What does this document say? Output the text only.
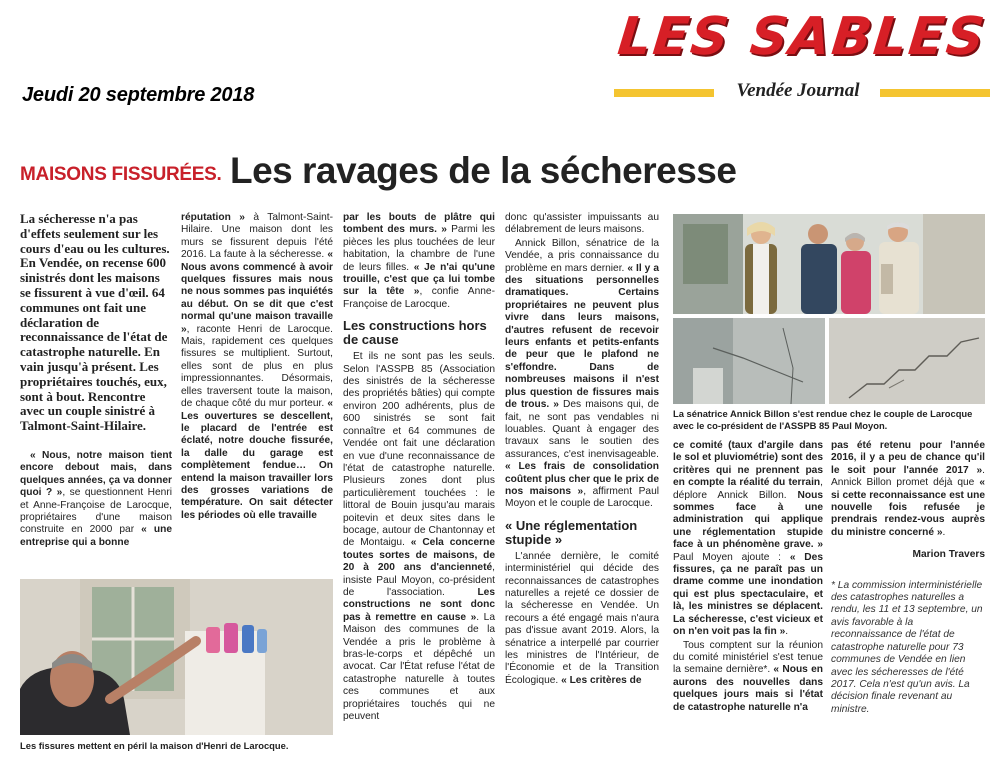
Jeudi 20 septembre 2018
LES SABLES
Vendée Journal
MAISONS FISSURÉES. Les ravages de la sécheresse

La sécheresse n'a pas d'effets seulement sur les cours d'eau ou les cultures. En Vendée, on recense 600 sinistrés dont les maisons se fissurent à vue d'œil. 64 communes ont fait une déclaration de reconnaissance de l'état de catastrophe naturelle. En vain jusqu'à présent. Les propriétaires touchés, eux, sont à bout. Rencontre avec un couple sinistré à Talmont-Saint-Hilaire.

« Nous, notre maison tient encore debout mais, dans quelques années, ça va donner quoi ? », se questionnent Henri et Anne-Françoise de Larocque, propriétaires d'une maison construite en 2000 par « une entreprise qui a bonne

réputation » à Talmont-Saint-Hilaire. Une maison dont les murs se fissurent depuis l'été 2016. La faute à la sécheresse. « Nous avons commencé à avoir quelques fissures mais nous ne nous sommes pas inquiétés au début. On se dit que c'est normal qu'une maison travaille », raconte Henri de Larocque. Mais, rapidement ces quelques fissures se multiplient. Surtout, elles sont de plus en plus impressionnantes. Désormais, elles traversent toute la maison, de chaque côté du mur porteur. « Les ouvertures se descellent, le placard de l'entrée est éclaté, notre douche fissurée, la dalle du garage est complètement fendue… On entend la maison travailler lors des grosses variations de température. On sait détecter les périodes où elle travaille

par les bouts de plâtre qui tombent des murs. » Parmi les pièces les plus touchées de leur habitation, la chambre de l'une de leurs filles. « Je n'ai qu'une trouille, c'est que ça lui tombe sur la tête », confie Anne-Françoise de Larocque.

Les constructions hors de cause

Et ils ne sont pas les seuls. Selon l'ASSPB 85 (Association des sinistrés de la sécheresse des propriétés bâties) qui compte environ 200 adhérents, plus de 600 sinistrés se sont fait connaître et 64 communes de Vendée ont fait une déclaration en vue d'une reconnaissance de l'état de catastrophe naturelle. Plusieurs zones dont plus particulièrement touchées : le littoral de Bouin jusqu'au marais poitevin et deux sites dans le bocage, autour de Chantonnay et de Montaigu. « Cela concerne toutes sortes de maisons, de 20 à 200 ans d'ancienneté, insiste Paul Moyon, co-président de l'association. Les constructions ne sont donc pas à remettre en cause ». La Maison des communes de la Vendée a pris le problème à bras-le-corps et dépêché un avocat. Car l'État refuse l'état de catastrophe naturelle à toutes ces communes et aux propriétaires touchés qui ne peuvent

donc qu'assister impuissants au délabrement de leurs maisons.

Annick Billon, sénatrice de la Vendée, a pris connaissance du problème en mars dernier. « Il y a des situations personnelles dramatiques. Certains propriétaires ne peuvent plus vivre dans leurs maisons, d'autres refusent de recevoir leurs enfants et petits-enfants de peur que le plafond ne s'effondre. Dans de nombreuses maisons il n'est plus question de fissures mais de trous. » Des maisons qui, de fait, ne sont pas vendables ni louables. Quant à engager des travaux sans le soutien des assurances, c'est inenvisageable. « Les frais de consolidation coûtent plus cher que le prix de nos maisons », affirment Paul Moyon et le couple de Larocque.

« Une réglementation stupide »

L'année dernière, le comité interministériel qui décide des reconnaissances de catastrophes naturelles a rejeté ce dossier de la sécheresse en Vendée. Un recours a été engagé mais n'aura pas d'issue avant 2019. Alors, la sénatrice a interpellé par courrier les ministres de l'Intérieur, de l'Économie et de la Transition Écologique. « Les critères de

La sénatrice Annick Billon s'est rendue chez le couple de Larocque avec le co-président de l'ASSPB 85 Paul Moyon.

ce comité (taux d'argile dans le sol et pluviométrie) sont des critères qui ne prennent pas en compte la réalité du terrain, déplore Annick Billon. Nous sommes face à une administration qui applique une réglementation stupide face à un phénomène grave. » Paul Moyen ajoute : « Des fissures, ça ne paraît pas un drame comme une inondation qui est plus spectaculaire, et là, les ministres se déplacent. La sécheresse, c'est vicieux et on n'en voit pas la fin ».

Tous comptent sur la réunion du comité ministériel s'est tenue la semaine dernière*. « Nous en aurons des nouvelles dans quelques jours mais si l'état de catastrophe naturelle n'a

pas été retenu pour l'année 2016, il y a peu de chance qu'il le soit pour l'année 2017 ». Annick Billon promet déjà que « si cette reconnaissance est une nouvelle fois refusée je prendrais rendez-vous auprès du ministre concerné ».

Marion Travers

* La commission interministérielle des catastrophes naturelles a rendu, les 11 et 13 septembre, un avis favorable à la reconnaissance de l'état de catastrophe naturelle pour 73 communes de Vendée en lien avec les sécheresses de l'été 2017. Cela n'est qu'un avis. La décision finale revenant au ministre.

Les fissures mettent en péril la maison d'Henri de Larocque.
